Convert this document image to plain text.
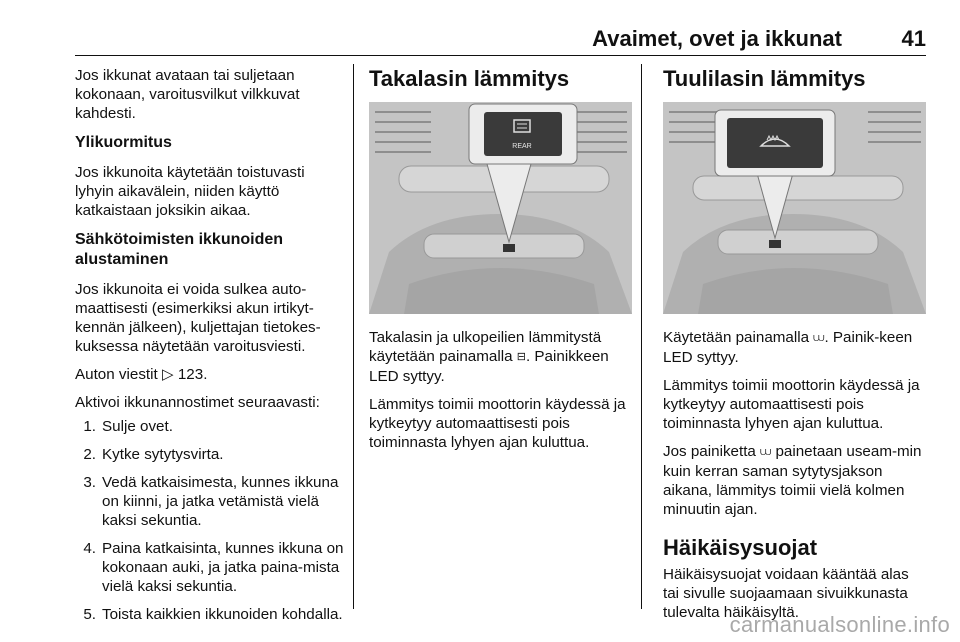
Avaimet, ovet ja ikkunat	41

Jos ikkunat avataan tai suljetaan kokonaan, varoitusvilkut vilkkuvat kahdesti.

Ylikuormitus

Jos ikkunoita käytetään toistuvasti lyhyin aikavälein, niiden käyttö katkaistaan joksikin aikaa.

Sähkötoimisten ikkunoiden alustaminen

Jos ikkunoita ei voida sulkea auto-maattisesti (esimerkiksi akun irtikyt-kennän jälkeen), kuljettajan tietokes-kuksessa näytetään varoitusviesti.

Auton viestit ▷ 123.

Aktivoi ikkunannostimet seuraavasti:

1. Sulje ovet.
2. Kytke sytytysvirta.
3. Vedä katkaisimesta, kunnes ikkuna on kiinni, ja jatka vetämistä vielä kaksi sekuntia.
4. Paina katkaisinta, kunnes ikkuna on kokonaan auki, ja jatka paina-mista vielä kaksi sekuntia.
5. Toista kaikkien ikkunoiden kohdalla.
Takalasin lämmitys
REAR

Takalasin ja ulkopeilien lämmitystä käytetään painamalla ⊟. Painikkeen LED syttyy.

Lämmitys toimii moottorin käydessä ja kytkeytyy automaattisesti pois toiminnasta lyhyen ajan kuluttua.

Tuulilasin lämmitys

Käytetään painamalla ⩊. Painik-keen LED syttyy.

Lämmitys toimii moottorin käydessä ja kytkeytyy automaattisesti pois toiminnasta lyhyen ajan kuluttua.

Jos painiketta ⩊ painetaan useam-min kuin kerran saman sytytysjakson aikana, lämmitys toimii vielä kolmen minuutin ajan.

Häikäisysuojat

Häikäisysuojat voidaan kääntää alas tai sivulle suojaamaan sivuikkunasta tulevalta häikäisyltä.

carmanualsonline.info
